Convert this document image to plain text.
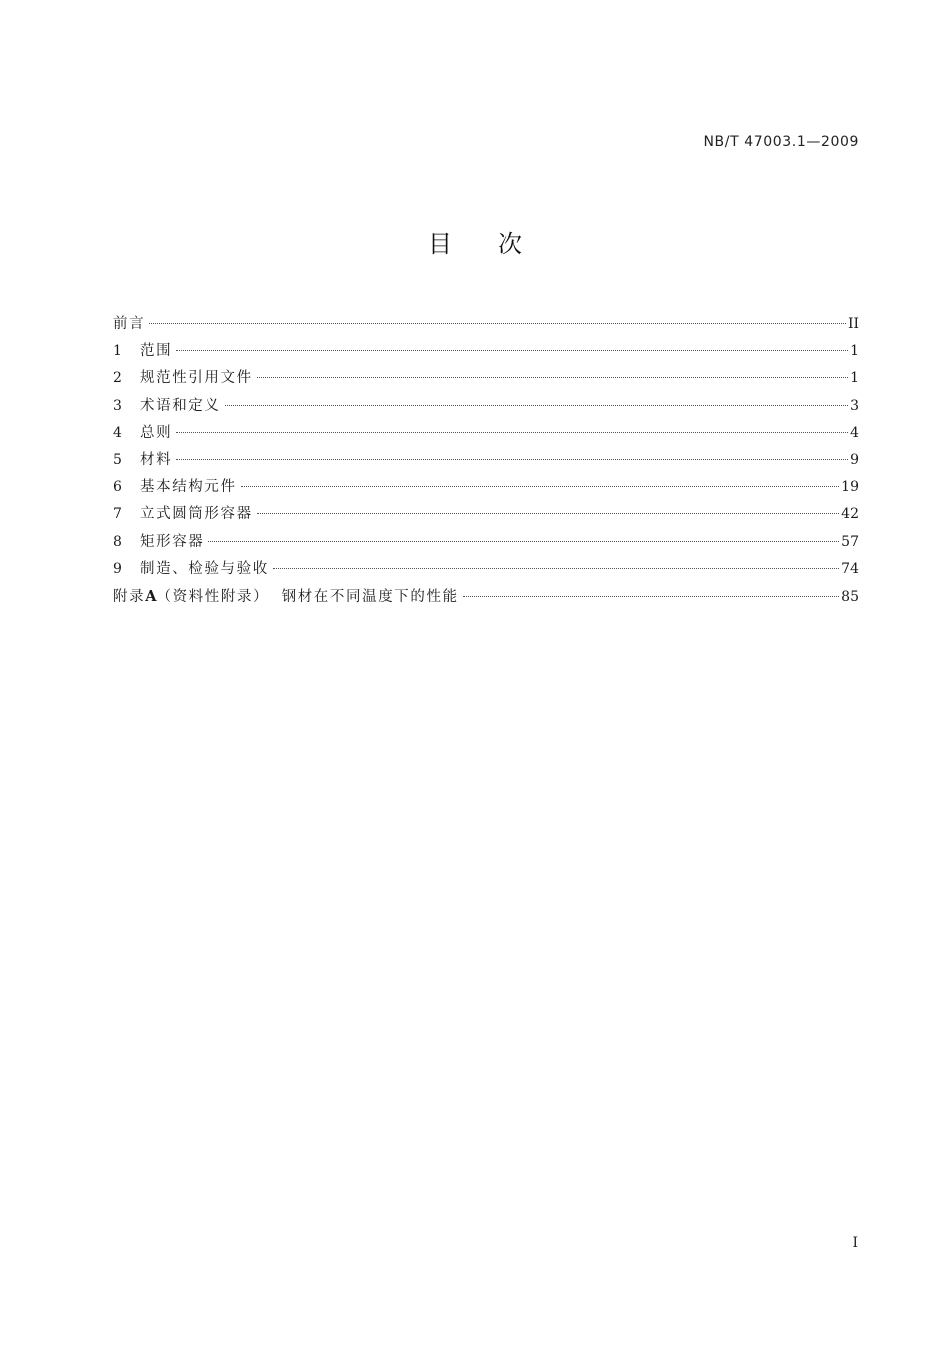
NB/T 47003.1—2009
目 次
前言	II
1	范围	1
2	规范性引用文件	1
3	术语和定义	3
4	总则	4
5	材料	9
6	基本结构元件	19
7	立式圆筒形容器	42
8	矩形容器	57
9	制造、检验与验收	74
附录A（资料性附录） 钢材在不同温度下的性能	85
I
